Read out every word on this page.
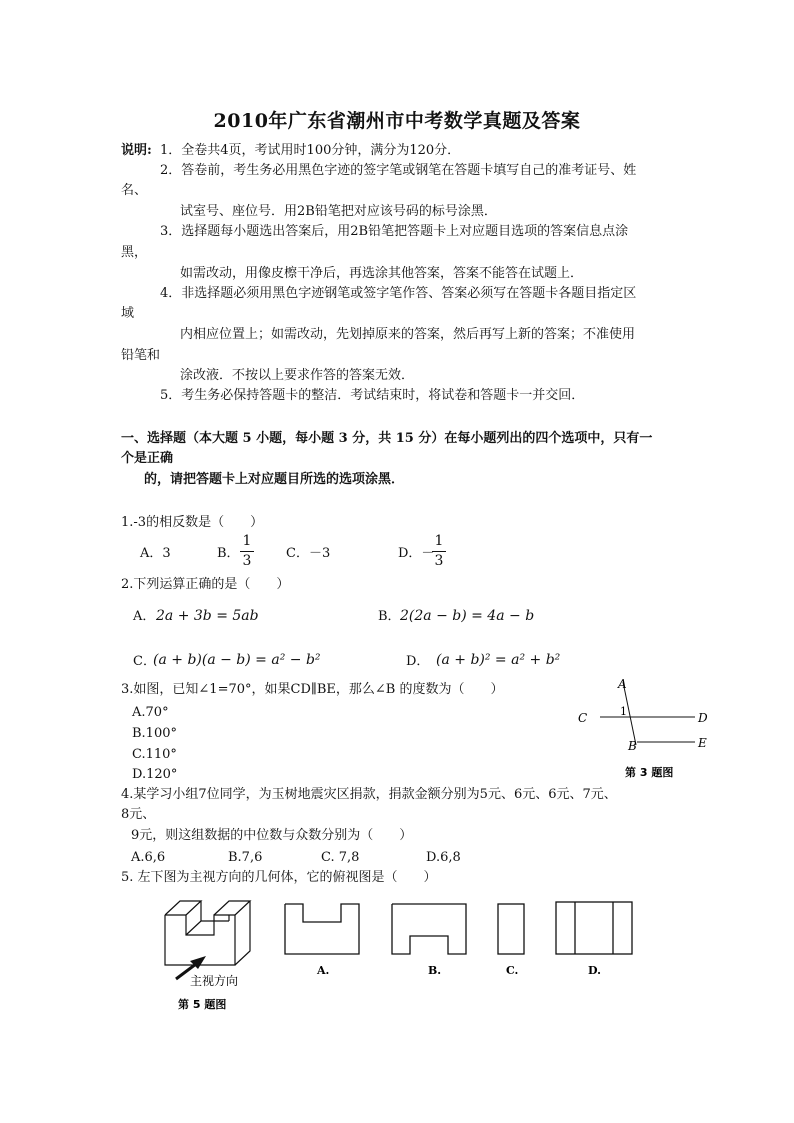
2010年广东省潮州市中考数学真题及答案
说明: 1．全卷共4页，考试用时100分钟，满分为120分．
2．答卷前，考生务必用黑色字迹的签字笔或钢笔在答题卡填写自己的准考证号、姓
名、
试室号、座位号．用2B铅笔把对应该号码的标号涂黑．
3．选择题每小题选出答案后，用2B铅笔把答题卡上对应题目选项的答案信息点涂
黑，
如需改动，用像皮檫干净后，再选涂其他答案，答案不能答在试题上．
4．非选择题必须用黑色字迹钢笔或签字笔作答、答案必须写在答题卡各题目指定区
域
内相应位置上；如需改动，先划掉原来的答案，然后再写上新的答案；不准使用
铅笔和
涂改液．不按以上要求作答的答案无效．
5．考生务必保持答题卡的整洁．考试结束时，将试卷和答题卡一并交回．
一、选择题（本大题 5 小题，每小题 3 分，共 15 分）在每小题列出的四个选项中，只有一
个是正确
的，请把答题卡上对应题目所选的选项涂黑．
1.-3的相反数是（　　）
A．3	B．
1
3	C．－3	D．－
1
3
2.下列运算正确的是（　　）
A． 2a + 3b = 5ab	B． 2(2a − b) = 4a − b
C．
(a + b)(a − b) = a² − b²	D． (a + b)² = a² + b²
3.如图，已知∠1=70°，如果CD∥BE，那么∠B 的度数为（　　）
A.70°
B.100°
C.110°
D.120°
A
C	D
1
B	E
第 3 题图
4.某学习小组7位同学，为玉树地震灾区捐款，捐款金额分别为5元、6元、6元、7元、
8元、
9元，则这组数据的中位数与众数分别为（　　）
A.6,6	B.7,6	C. 7,8	D.6,8
5. 左下图为主视方向的几何体，它的俯视图是（　　）
主视方向
第 5 题图
A.	B.	C.	D.
